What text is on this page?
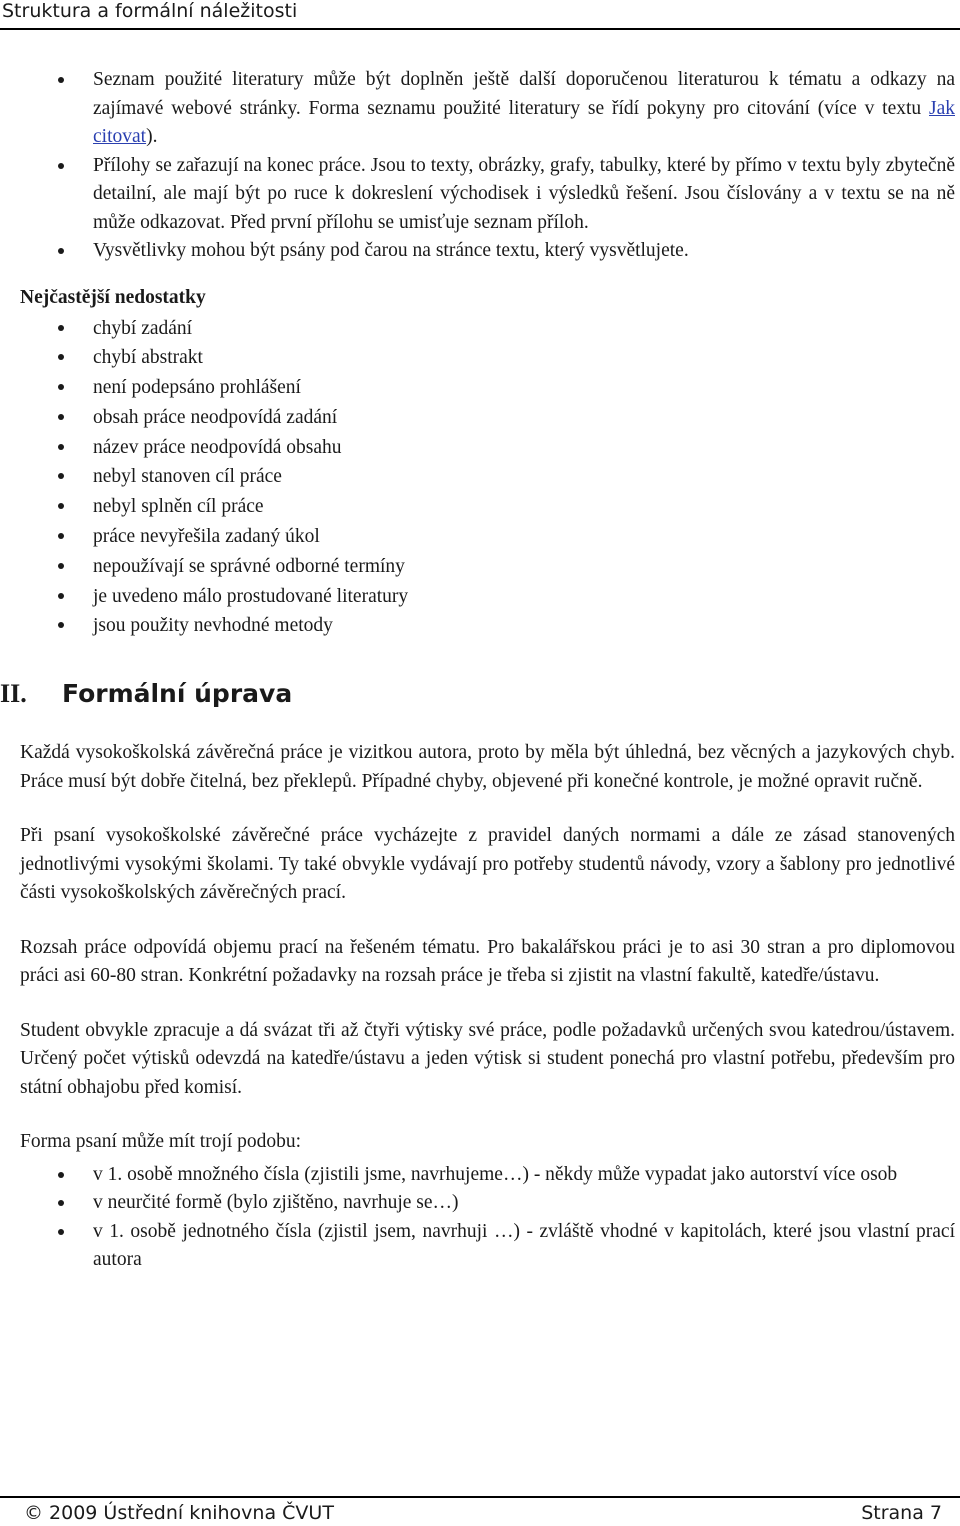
Struktura a formální náležitosti
Seznam použité literatury může být doplněn ještě další doporučenou literaturou k tématu a odkazy na zajímavé webové stránky. Forma seznamu použité literatury se řídí pokyny pro citování (více v textu Jak citovat).
Přílohy se zařazují na konec práce. Jsou to texty, obrázky, grafy, tabulky, které by přímo v textu byly zbytečně detailní, ale mají být po ruce k dokreslení východisek i výsledků řešení. Jsou číslovány a v textu se na ně může odkazovat. Před první přílohu se umisťuje seznam příloh.
Vysvětlivky mohou být psány pod čarou na stránce textu, který vysvětlujete.
Nejčastější nedostatky
chybí zadání
chybí abstrakt
není podepsáno prohlášení
obsah práce neodpovídá zadání
název práce neodpovídá obsahu
nebyl stanoven cíl práce
nebyl splněn cíl práce
práce nevyřešila zadaný úkol
nepoužívají se správné odborné termíny
je uvedeno málo prostudované literatury
jsou použity nevhodné metody
II.	Formální úprava

Každá vysokoškolská závěrečná práce je vizitkou autora, proto by měla být úhledná, bez věcných a jazykových chyb. Práce musí být dobře čitelná, bez překlepů. Případné chyby, objevené při konečné kontrole, je možné opravit ručně.

Při psaní vysokoškolské závěrečné práce vycházejte z pravidel daných normami a dále ze zásad stanovených jednotlivými vysokými školami. Ty také obvykle vydávají pro potřeby studentů návody, vzory a šablony pro jednotlivé části vysokoškolských závěrečných prací.

Rozsah práce odpovídá objemu prací na řešeném tématu. Pro bakalářskou práci je to asi 30 stran a pro diplomovou práci asi 60-80 stran. Konkrétní požadavky na rozsah práce je třeba si zjistit na vlastní fakultě, katedře/ústavu.

Student obvykle zpracuje a dá svázat tři až čtyři výtisky své práce, podle požadavků určených svou katedrou/ústavem. Určený počet výtisků odevzdá na katedře/ústavu a jeden výtisk si student ponechá pro vlastní potřebu, především pro státní obhajobu před komisí.

Forma psaní může mít trojí podobu:

v 1. osobě množného čísla (zjistili jsme, navrhujeme…) - někdy může vypadat jako autorství více osob
v neurčité formě (bylo zjištěno, navrhuje se…)
v 1. osobě jednotného čísla (zjistil jsem, navrhuji …) - zvláště vhodné v kapitolách, které jsou vlastní prací autora
© 2009 Ústřední knihovna ČVUT	Strana 7
